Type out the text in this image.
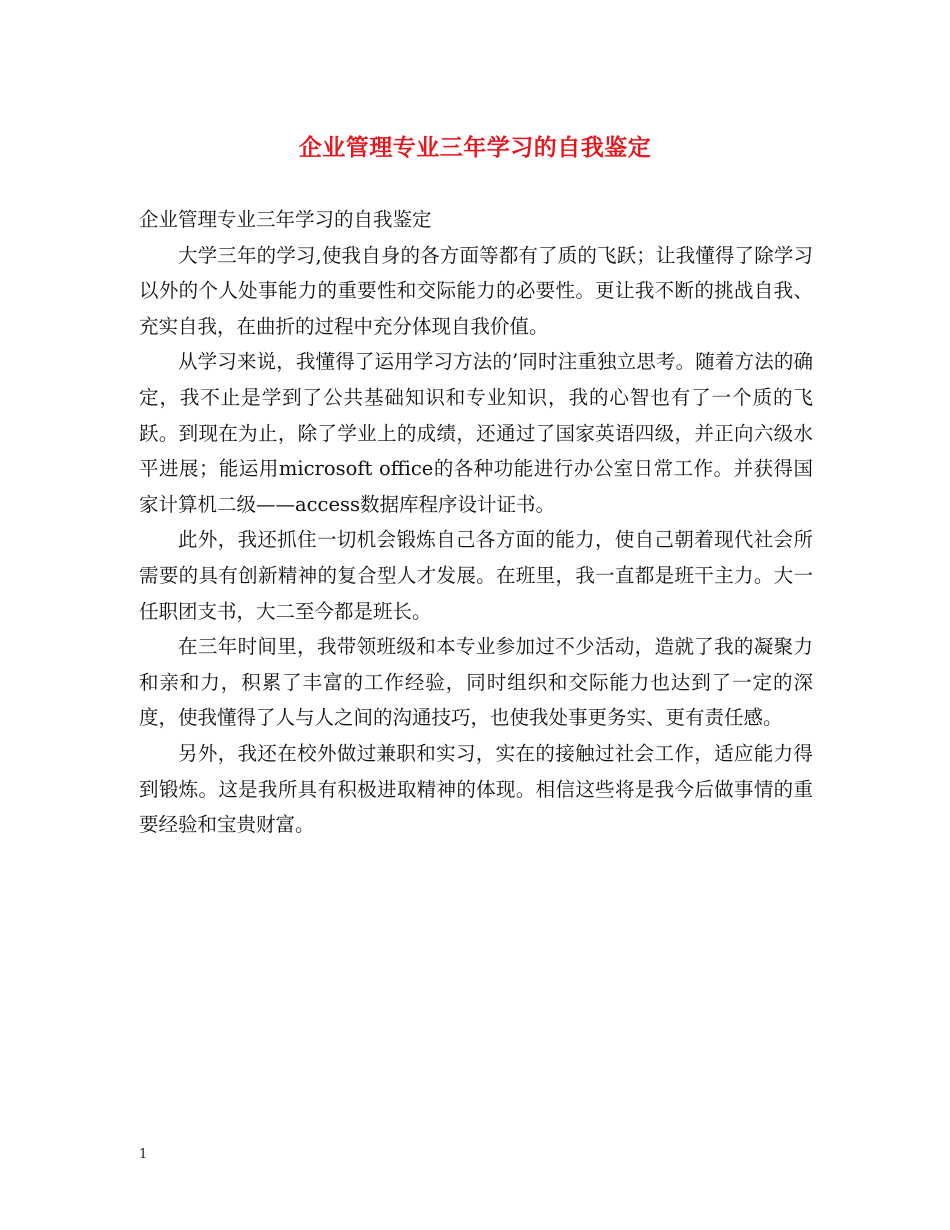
企业管理专业三年学习的自我鉴定

企业管理专业三年学习的自我鉴定

大学三年的学习,使我自身的各方面等都有了质的飞跃；让我懂得了除学习以外的个人处事能力的重要性和交际能力的必要性。更让我不断的挑战自我、充实自我，在曲折的过程中充分体现自我价值。

从学习来说，我懂得了运用学习方法的’同时注重独立思考。随着方法的确定，我不止是学到了公共基础知识和专业知识，我的心智也有了一个质的飞跃。到现在为止，除了学业上的成绩，还通过了国家英语四级，并正向六级水平进展；能运用microsoft office的各种功能进行办公室日常工作。并获得国家计算机二级——access数据库程序设计证书。

此外，我还抓住一切机会锻炼自己各方面的能力，使自己朝着现代社会所需要的具有创新精神的复合型人才发展。在班里，我一直都是班干主力。大一任职团支书，大二至今都是班长。

在三年时间里，我带领班级和本专业参加过不少活动，造就了我的凝聚力和亲和力，积累了丰富的工作经验，同时组织和交际能力也达到了一定的深度，使我懂得了人与人之间的沟通技巧，也使我处事更务实、更有责任感。

另外，我还在校外做过兼职和实习，实在的接触过社会工作，适应能力得到锻炼。这是我所具有积极进取精神的体现。相信这些将是我今后做事情的重要经验和宝贵财富。

1
